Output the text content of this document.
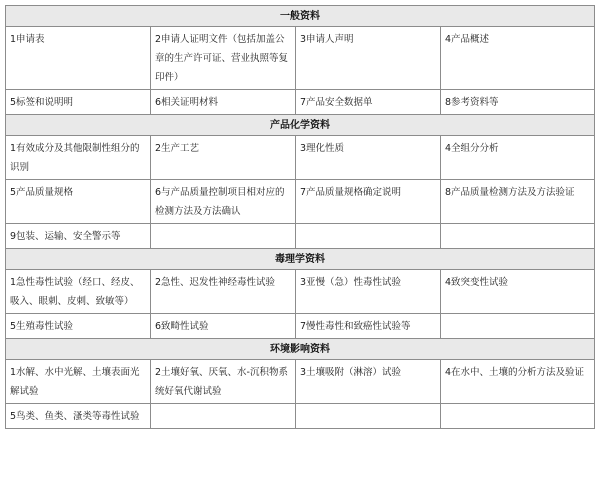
一般资料			
1申请表	2申请人证明文件（包括加盖公章的生产许可证、营业执照等复印件）	3申请人声明	4产品概述
5标签和说明明	6相关证明材料	7产品安全数据单	8参考资料等
产品化学资料			
1有效成分及其他限制性组分的识别	2生产工艺	3理化性质	4全组分分析
5产品质量规格	6与产品质量控制项目相对应的检测方法及方法确认	7产品质量规格确定说明	8产品质量检测方法及方法验证
9包装、运输、安全警示等			
毒理学资料			
1急性毒性试验（经口、经皮、吸入、眼刺、皮刺、致敏等）	2急性、迟发性神经毒性试验	3亚慢（急）性毒性试验	4致突变性试验
5生殖毒性试验	6致畸性试验	7慢性毒性和致癌性试验等	
环境影响资料			
1水解、水中光解、土壤表面光解试验	2土壤好氧、厌氧、水-沉积物系统好氧代谢试验	3土壤吸附（淋溶）试验	4在水中、土壤的分析方法及验证
5鸟类、鱼类、溞类等毒性试验			
